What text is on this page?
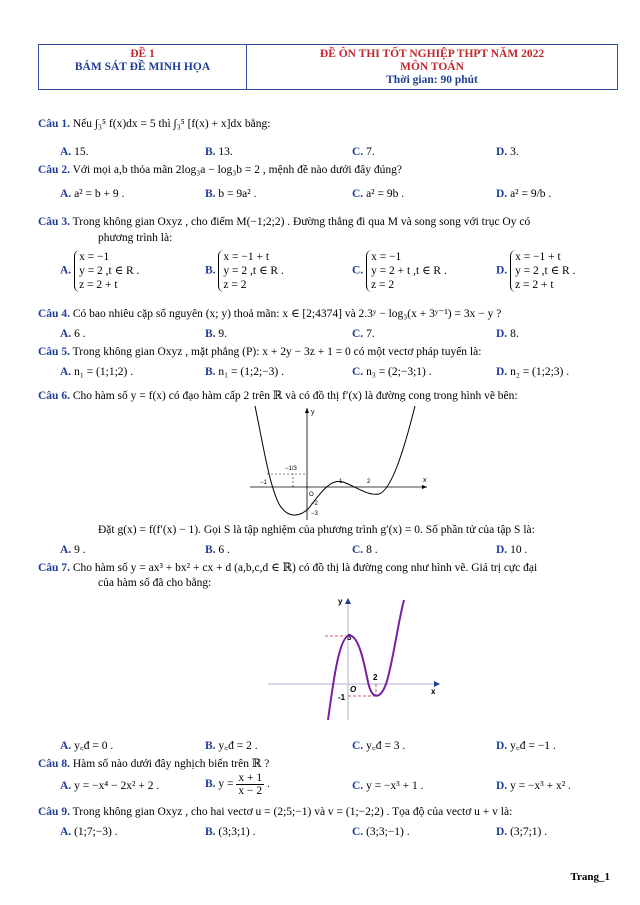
ĐỀ 1
BÁM SÁT ĐỀ MINH HỌA
ĐỀ ÔN THI TỐT NGHIỆP THPT NĂM 2022
MÔN TOÁN
Thời gian: 90 phút
Câu 1. Nếu ∫₃⁵ f(x)dx = 5 thì ∫₃⁵ [f(x) + x]dx bằng:
A. 15.	B. 13.	C. 7.	D. 3.
Câu 2. Với mọi a,b thỏa mãn 2log₃a − log₃b = 2 , mệnh đề nào dưới đây đúng?
A. a² = b + 9 .	B. b = 9a² .	C. a² = 9b .	D. a² = 9/b .
Câu 3. Trong không gian Oxyz , cho điểm M(−1;2;2) . Đường thẳng đi qua M và song song với trục Oy có
phương trình là:
A.
x = −1
y = 2 ,t ∈ R .
z = 2 + t
B.
x = −1 + t
y = 2 ,t ∈ R .
z = 2
C.
x = −1
y = 2 + t ,t ∈ R .
z = 2
D.
x = −1 + t
y = 2 ,t ∈ R .
z = 2 + t
Câu 4. Có bao nhiêu cặp số nguyên (x; y) thoả mãn: x ∈ [2;4374] và 2.3ʸ − log₃(x + 3ʸ⁻¹) = 3x − y ?
A. 6 .	B. 9.	C. 7.	D. 8.
Câu 5. Trong không gian Oxyz , mặt phẳng (P): x + 2y − 3z + 1 = 0 có một vectơ pháp tuyến là:
A. n₁ = (1;1;2) .	B. n₁ = (1;2;−3) .	C. n₃ = (2;−3;1) .	D. n₂ = (1;2;3) .
Câu 6. Cho hàm số y = f(x) có đạo hàm cấp 2 trên ℝ và có đồ thị f′(x) là đường cong trong hình vẽ bên:
y
x
−1
−1/3
1	2
O
−2
−3
Đặt g(x) = f(f′(x) − 1). Gọi S là tập nghiệm của phương trình g′(x) = 0. Số phần tử của tập S là:
A. 9 .	B. 6 .	C. 8 .	D. 10 .
Câu 7. Cho hàm số y = ax³ + bx² + cx + d (a,b,c,d ∈ ℝ) có đồ thị là đường cong như hình vẽ. Giá trị cực đại
của hàm số đã cho bằng:
y
x
3
2
O
-1
A. y꜀đ = 0 .	B. y꜀đ = 2 .	C. y꜀đ = 3 .	D. y꜀đ = −1 .
Câu 8. Hàm số nào dưới đây nghịch biến trên ℝ ?
A. y = −x⁴ − 2x² + 2 .	B. $y = \frac{x + 1}{x - 2}$ .	C. y = −x³ + 1 .	D. y = −x³ + x² .
Câu 9. Trong không gian Oxyz , cho hai vectơ u = (2;5;−1) và v = (1;−2;2) . Tọa độ của vectơ u + v là:
A. (1;7;−3) .	B. (3;3;1) .	C. (3;3;−1) .	D. (3;7;1) .
Trang_1
